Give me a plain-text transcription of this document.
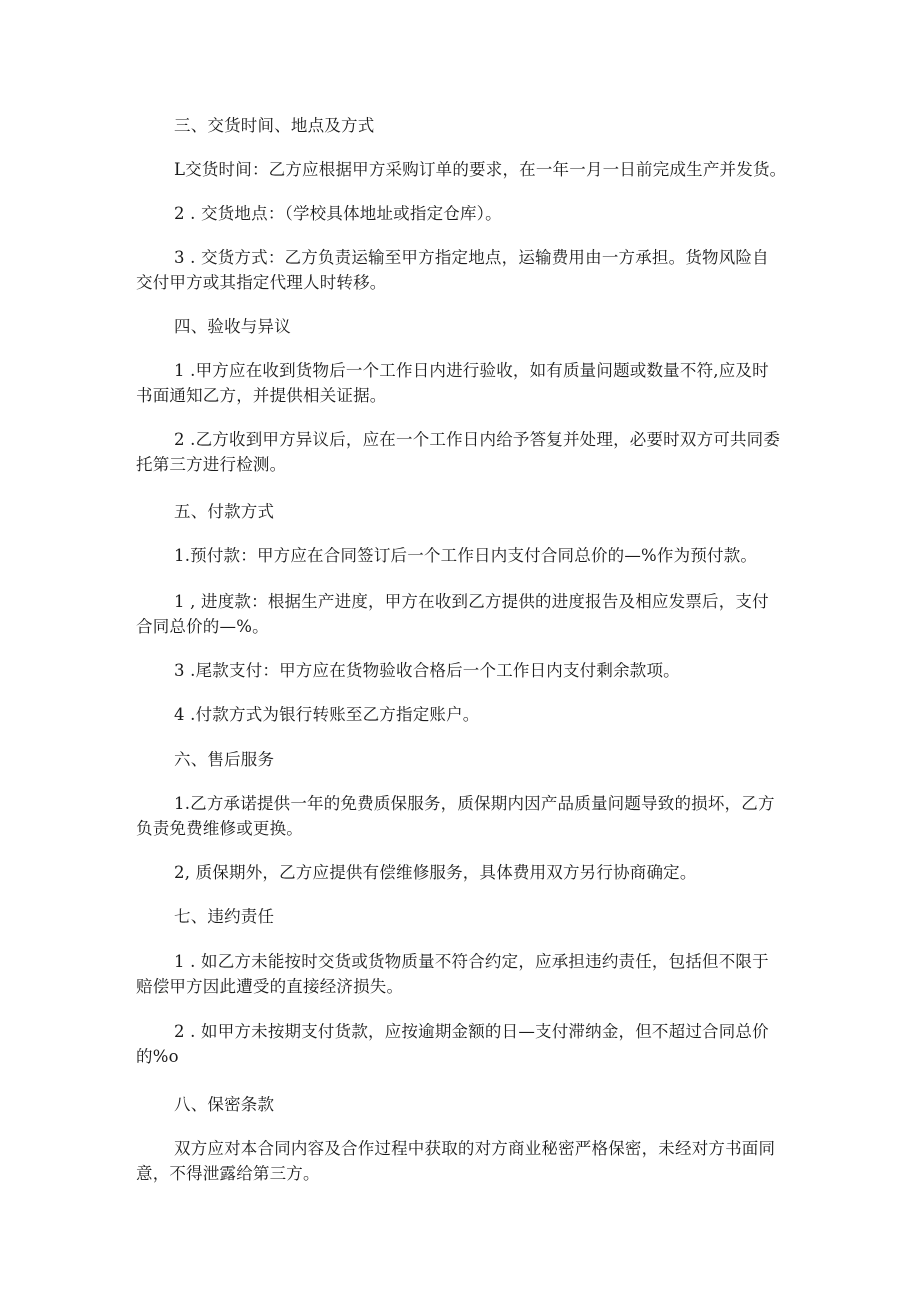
三、交货时间、地点及方式
L交货时间：乙方应根据甲方采购订单的要求，在一年一月一日前完成生产并发货。
2 . 交货地点：（学校具体地址或指定仓库）。
3 . 交货方式：乙方负责运输至甲方指定地点，运输费用由一方承担。货物风险自
交付甲方或其指定代理人时转移。
四、验收与异议
1 .甲方应在收到货物后一个工作日内进行验收，如有质量问题或数量不符,应及时
书面通知乙方，并提供相关证据。
2 .乙方收到甲方异议后，应在一个工作日内给予答复并处理，必要时双方可共同委
托第三方进行检测。
五、付款方式
1.预付款：甲方应在合同签订后一个工作日内支付合同总价的—%作为预付款。
1 , 进度款：根据生产进度，甲方在收到乙方提供的进度报告及相应发票后，支付
合同总价的—%。
3 .尾款支付：甲方应在货物验收合格后一个工作日内支付剩余款项。
4 .付款方式为银行转账至乙方指定账户。
六、售后服务
1.乙方承诺提供一年的免费质保服务，质保期内因产品质量问题导致的损坏，乙方
负责免费维修或更换。
2, 质保期外，乙方应提供有偿维修服务，具体费用双方另行协商确定。
七、违约责任
1 . 如乙方未能按时交货或货物质量不符合约定，应承担违约责任，包括但不限于
赔偿甲方因此遭受的直接经济损失。
2 . 如甲方未按期支付货款，应按逾期金额的日—支付滞纳金，但不超过合同总价
的%o
八、保密条款
双方应对本合同内容及合作过程中获取的对方商业秘密严格保密，未经对方书面同
意，不得泄露给第三方。
